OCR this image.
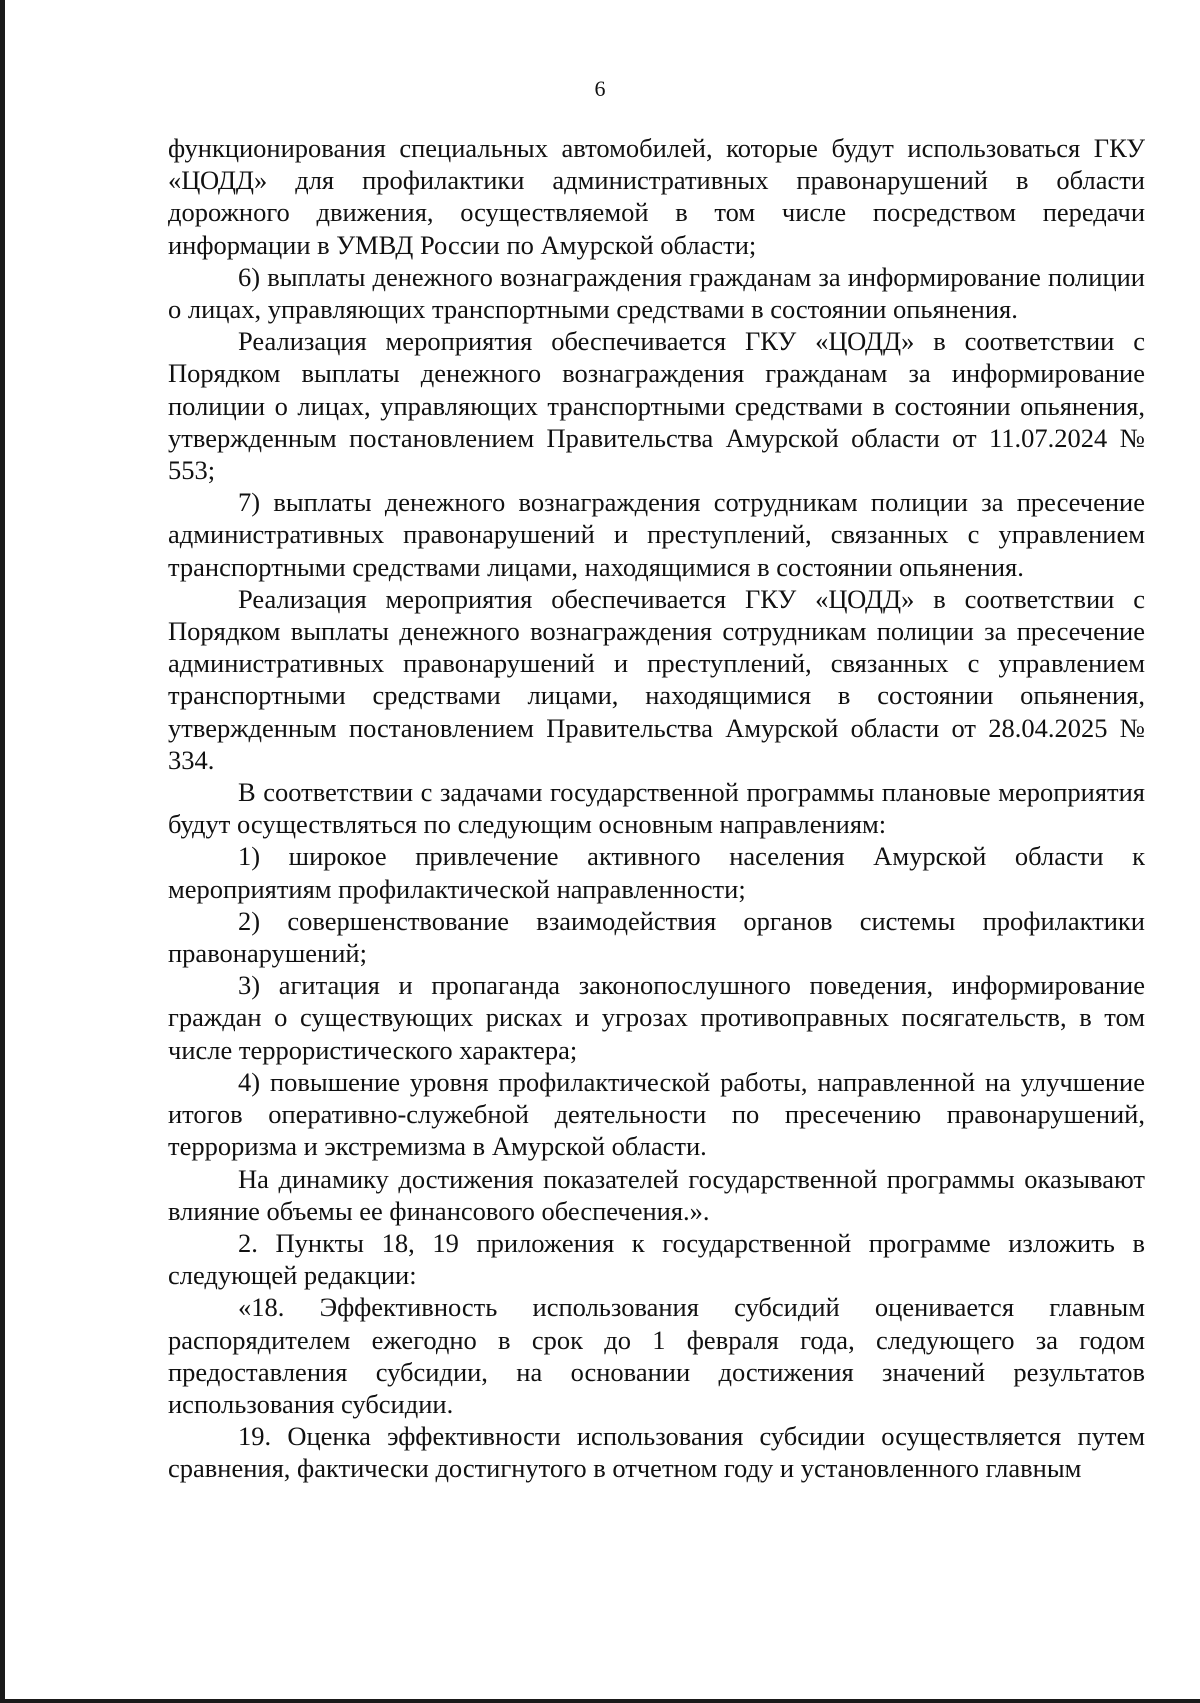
6

функционирования специальных автомобилей, которые будут использоваться ГКУ «ЦОДД» для профилактики административных правонарушений в области дорожного движения, осуществляемой в том числе посредством передачи информации в УМВД России по Амурской области;

6) выплаты денежного вознаграждения гражданам за информирование полиции о лицах, управляющих транспортными средствами в состоянии опьянения.

Реализация мероприятия обеспечивается ГКУ «ЦОДД» в соответствии с Порядком выплаты денежного вознаграждения гражданам за информирование полиции о лицах, управляющих транспортными средствами в состоянии опьянения, утвержденным постановлением Правительства Амурской области от 11.07.2024 № 553;

7) выплаты денежного вознаграждения сотрудникам полиции за пресечение административных правонарушений и преступлений, связанных с управлением транспортными средствами лицами, находящимися в состоянии опьянения.

Реализация мероприятия обеспечивается ГКУ «ЦОДД» в соответствии с Порядком выплаты денежного вознаграждения сотрудникам полиции за пресечение административных правонарушений и преступлений, связанных с управлением транспортными средствами лицами, находящимися в состоянии опьянения, утвержденным постановлением Правительства Амурской области от 28.04.2025 № 334.

В соответствии с задачами государственной программы плановые мероприятия будут осуществляться по следующим основным направлениям:

1) широкое привлечение активного населения Амурской области к мероприятиям профилактической направленности;

2) совершенствование взаимодействия органов системы профилактики правонарушений;

3) агитация и пропаганда законопослушного поведения, информирование граждан о существующих рисках и угрозах противоправных посягательств, в том числе террористического характера;

4) повышение уровня профилактической работы, направленной на улучшение итогов оперативно-служебной деятельности по пресечению правонарушений, терроризма и экстремизма в Амурской области.

На динамику достижения показателей государственной программы оказывают влияние объемы ее финансового обеспечения.».

2. Пункты 18, 19 приложения к государственной программе изложить в следующей редакции:

«18. Эффективность использования субсидий оценивается главным распорядителем ежегодно в срок до 1 февраля года, следующего за годом предоставления субсидии, на основании достижения значений результатов использования субсидии.

19. Оценка эффективности использования субсидии осуществляется путем сравнения, фактически достигнутого в отчетном году и установленного главным
